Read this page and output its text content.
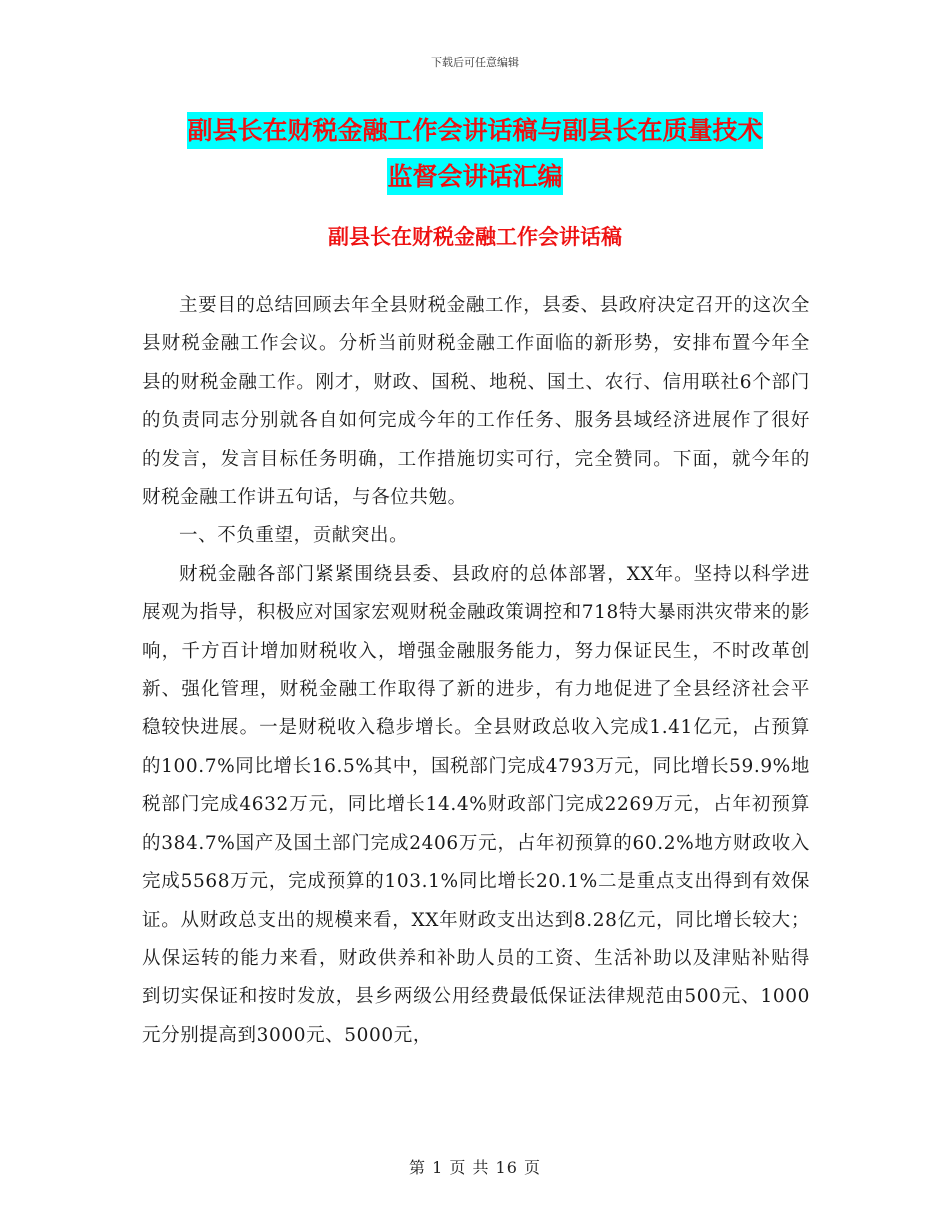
下载后可任意编辑
副县长在财税金融工作会讲话稿与副县长在质量技术
监督会讲话汇编
副县长在财税金融工作会讲话稿

主要目的总结回顾去年全县财税金融工作，县委、县政府决定召开的这次全县财税金融工作会议。分析当前财税金融工作面临的新形势，安排布置今年全县的财税金融工作。刚才，财政、国税、地税、国土、农行、信用联社6个部门的负责同志分别就各自如何完成今年的工作任务、服务县域经济进展作了很好的发言，发言目标任务明确，工作措施切实可行，完全赞同。下面，就今年的财税金融工作讲五句话，与各位共勉。

一、不负重望，贡献突出。

财税金融各部门紧紧围绕县委、县政府的总体部署，XX年。坚持以科学进展观为指导，积极应对国家宏观财税金融政策调控和718特大暴雨洪灾带来的影响，千方百计增加财税收入，增强金融服务能力，努力保证民生，不时改革创新、强化管理，财税金融工作取得了新的进步，有力地促进了全县经济社会平稳较快进展。一是财税收入稳步增长。全县财政总收入完成1.41亿元，占预算的100.7%同比增长16.5%其中，国税部门完成4793万元，同比增长59.9%地税部门完成4632万元，同比增长14.4%财政部门完成2269万元，占年初预算的384.7%国产及国土部门完成2406万元，占年初预算的60.2%地方财政收入完成5568万元，完成预算的103.1%同比增长20.1%二是重点支出得到有效保证。从财政总支出的规模来看，XX年财政支出达到8.28亿元，同比增长较大；从保运转的能力来看，财政供养和补助人员的工资、生活补助以及津贴补贴得到切实保证和按时发放，县乡两级公用经费最低保证法律规范由500元、1000元分别提高到3000元、5000元，

第 1 页 共 16 页
